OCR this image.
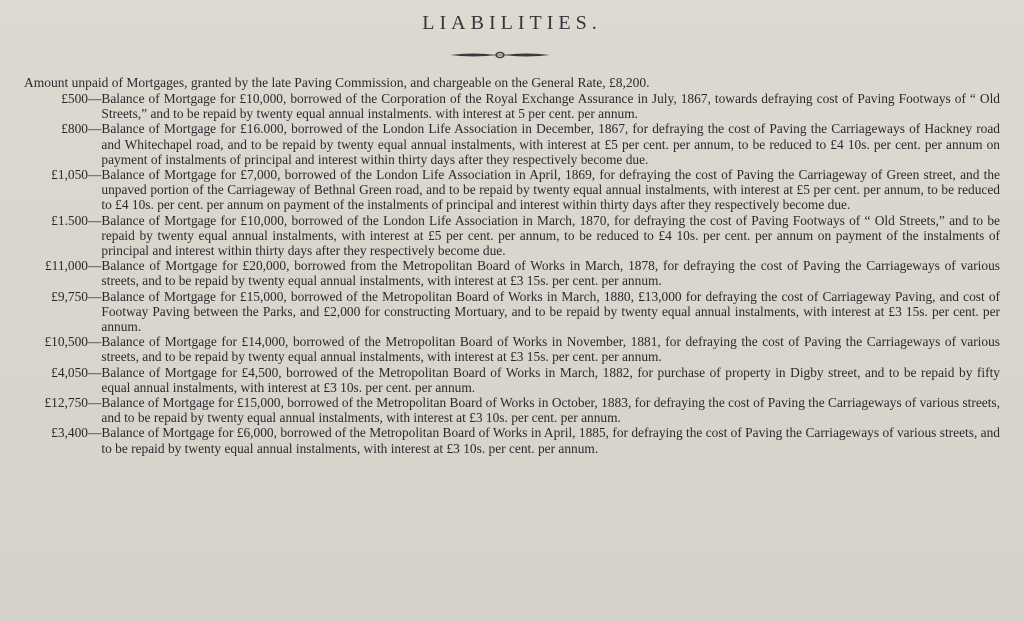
LIABILITIES.
Amount unpaid of Mortgages, granted by the late Paving Commission, and chargeable on the General Rate, £8,200.
£500 — Balance of Mortgage for £10,000, borrowed of the Corporation of the Royal Exchange Assurance in July, 1867, towards defraying cost of Paving Footways of “ Old Streets,” and to be repaid by twenty equal annual instalments. with interest at 5 per cent. per annum.
£800 — Balance of Mortgage for £16.000, borrowed of the London Life Association in December, 1867, for defraying the cost of Paving the Carriageways of Hackney road and Whitechapel road, and to be repaid by twenty equal annual instalments, with interest at £5 per cent. per annum, to be reduced to £4 10s. per cent. per annum on payment of instalments of principal and interest within thirty days after they respectively become due.
£1,050 — Balance of Mortgage for £7,000, borrowed of the London Life Association in April, 1869, for defraying the cost of Paving the Carriageway of Green street, and the unpaved portion of the Carriageway of Bethnal Green road, and to be repaid by twenty equal annual instalments, with interest at £5 per cent. per annum, to be reduced to £4 10s. per cent. per annum on payment of the instalments of principal and interest within thirty days after they respectively become due.
£1.500 — Balance of Mortgage for £10,000, borrowed of the London Life Association in March, 1870, for defraying the cost of Paving Footways of “ Old Streets,” and to be repaid by twenty equal annual instalments, with interest at £5 per cent. per annum, to be reduced to £4 10s. per cent. per annum on payment of the instalments of principal and interest within thirty days after they respectively become due.
£11,000 — Balance of Mortgage for £20,000, borrowed from the Metropolitan Board of Works in March, 1878, for defraying the cost of Paving the Carriageways of various streets, and to be repaid by twenty equal annual instalments, with interest at £3 15s. per cent. per annum.
£9,750 — Balance of Mortgage for £15,000, borrowed of the Metropolitan Board of Works in March, 1880, £13,000 for defraying the cost of Carriageway Paving, and cost of Footway Paving between the Parks, and £2,000 for constructing Mortuary, and to be repaid by twenty equal annual instalments, with interest at £3 15s. per cent. per annum.
£10,500 — Balance of Mortgage for £14,000, borrowed of the Metropolitan Board of Works in November, 1881, for defraying the cost of Paving the Carriageways of various streets, and to be repaid by twenty equal annual instalments, with interest at £3 15s. per cent. per annum.
£4,050 — Balance of Mortgage for £4,500, borrowed of the Metropolitan Board of Works in March, 1882, for purchase of property in Digby street, and to be repaid by fifty equal annual instalments, with interest at £3 10s. per cent. per annum.
£12,750 — Balance of Mortgage for £15,000, borrowed of the Metropolitan Board of Works in October, 1883, for defraying the cost of Paving the Carriageways of various streets, and to be repaid by twenty equal annual instalments, with interest at £3 10s. per cent. per annum.
£3,400 — Balance of Mortgage for £6,000, borrowed of the Metropolitan Board of Works in April, 1885, for defraying the cost of Paving the Carriageways of various streets, and to be repaid by twenty equal annual instalments, with interest at £3 10s. per cent. per annum.
